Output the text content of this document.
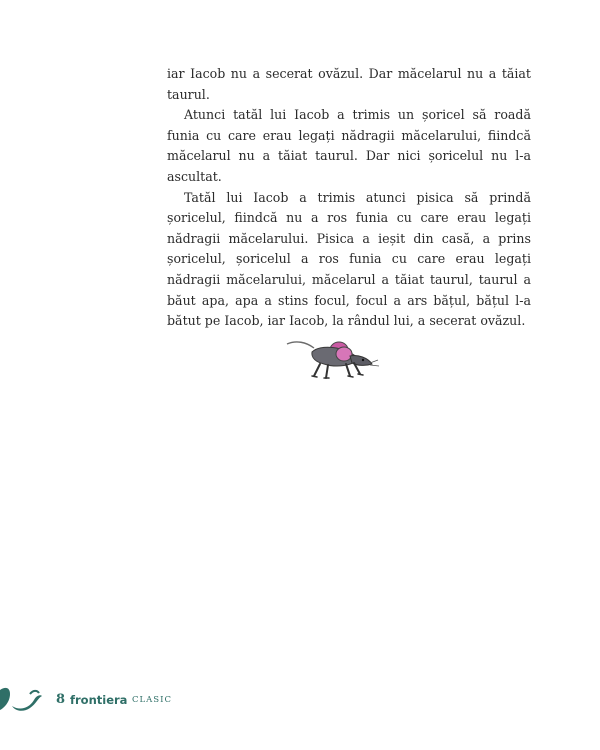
iar Iacob nu a secerat ovăzul. Dar măcelarul nu a tăiat taurul.

Atunci tatăl lui Iacob a trimis un șoricel să roadă funia cu care erau legați nădragii măcelarului, fiindcă măcelarul nu a tăiat taurul. Dar nici șoricelul nu l-a ascultat.

Tatăl lui Iacob a trimis atunci pisica să prindă șoricelul, fiindcă nu a ros funia cu care erau legați nădragii măcelarului. Pisica a ieșit din casă, a prins șoricelul, șoricelul a ros funia cu care erau legați nădragii măcelarului, măcelarul a tăiat taurul, taurul a băut apa, apa a stins focul, focul a ars bățul, bățul l-a bătut pe Iacob, iar Iacob, la rândul lui, a secerat ovăzul.

8 frontiera CLASIC
